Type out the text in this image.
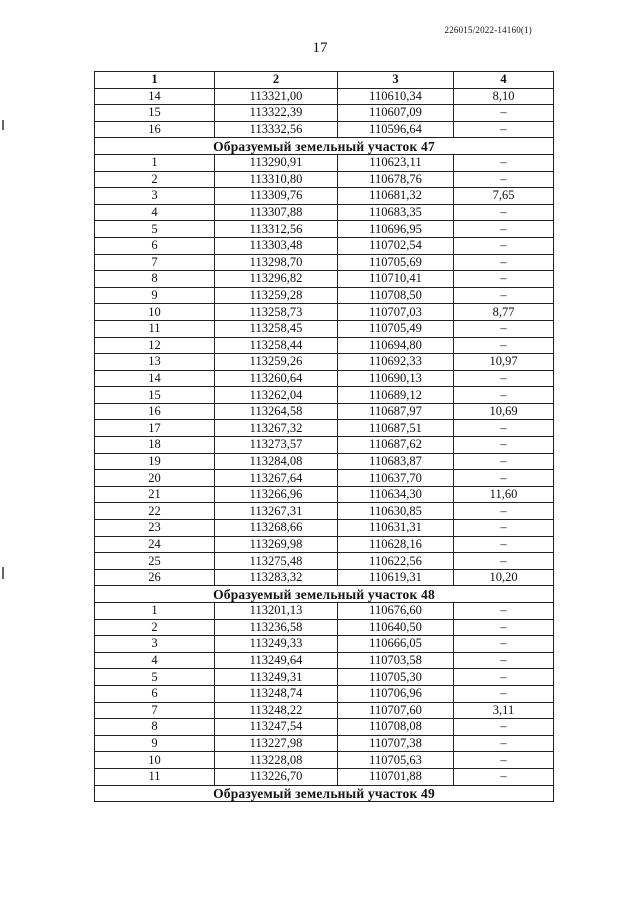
226015/2022-14160(1)
17
1	2	3	4
14	113321,00	110610,34	8,10
15	113322,39	110607,09	–
16	113332,56	110596,64	–
Образуемый земельный участок 47			
1	113290,91	110623,11	–
2	113310,80	110678,76	–
3	113309,76	110681,32	7,65
4	113307,88	110683,35	–
5	113312,56	110696,95	–
6	113303,48	110702,54	–
7	113298,70	110705,69	–
8	113296,82	110710,41	–
9	113259,28	110708,50	–
10	113258,73	110707,03	8,77
11	113258,45	110705,49	–
12	113258,44	110694,80	–
13	113259,26	110692,33	10,97
14	113260,64	110690,13	–
15	113262,04	110689,12	–
16	113264,58	110687,97	10,69
17	113267,32	110687,51	–
18	113273,57	110687,62	–
19	113284,08	110683,87	–
20	113267,64	110637,70	–
21	113266,96	110634,30	11,60
22	113267,31	110630,85	–
23	113268,66	110631,31	–
24	113269,98	110628,16	–
25	113275,48	110622,56	–
26	113283,32	110619,31	10,20
Образуемый земельный участок 48			
1	113201,13	110676,60	–
2	113236,58	110640,50	–
3	113249,33	110666,05	–
4	113249,64	110703,58	–
5	113249,31	110705,30	–
6	113248,74	110706,96	–
7	113248,22	110707,60	3,11
8	113247,54	110708,08	–
9	113227,98	110707,38	–
10	113228,08	110705,63	–
11	113226,70	110701,88	–
Образуемый земельный участок 49			
